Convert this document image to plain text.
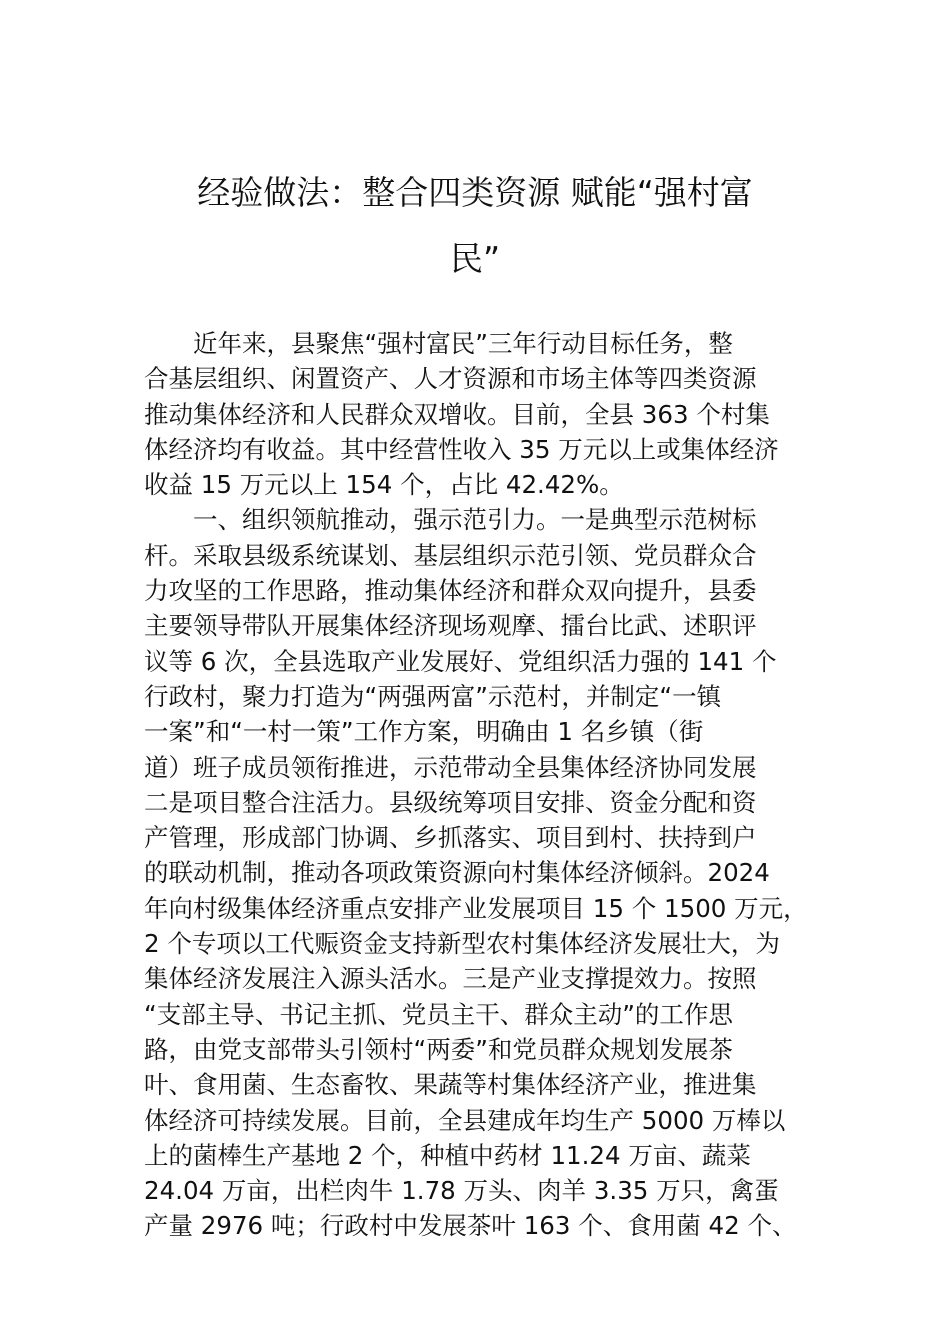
经验做法：整合四类资源 赋能“强村富
民”

近年来，县聚焦“强村富民”三年行动目标任务，整
合基层组织、闲置资产、人才资源和市场主体等四类资源
推动集体经济和人民群众双增收。目前，全县 363 个村集
体经济均有收益。其中经营性收入 35 万元以上或集体经济
收益 15 万元以上 154 个，占比 42.42%。

一、组织领航推动，强示范引力。一是典型示范树标
杆。采取县级系统谋划、基层组织示范引领、党员群众合
力攻坚的工作思路，推动集体经济和群众双向提升，县委
主要领导带队开展集体经济现场观摩、擂台比武、述职评
议等 6 次，全县选取产业发展好、党组织活力强的 141 个
行政村，聚力打造为“两强两富”示范村，并制定“一镇
一案”和“一村一策”工作方案，明确由 1 名乡镇（街
道）班子成员领衔推进，示范带动全县集体经济协同发展
二是项目整合注活力。县级统筹项目安排、资金分配和资
产管理，形成部门协调、乡抓落实、项目到村、扶持到户
的联动机制，推动各项政策资源向村集体经济倾斜。2024
年向村级集体经济重点安排产业发展项目 15 个 1500 万元，
2 个专项以工代赈资金支持新型农村集体经济发展壮大，为
集体经济发展注入源头活水。三是产业支撑提效力。按照
“支部主导、书记主抓、党员主干、群众主动”的工作思
路，由党支部带头引领村“两委”和党员群众规划发展茶
叶、食用菌、生态畜牧、果蔬等村集体经济产业，推进集
体经济可持续发展。目前，全县建成年均生产 5000 万棒以
上的菌棒生产基地 2 个，种植中药材 11.24 万亩、蔬菜
24.04 万亩，出栏肉牛 1.78 万头、肉羊 3.35 万只，禽蛋
产量 2976 吨；行政村中发展茶叶 163 个、食用菌 42 个、
